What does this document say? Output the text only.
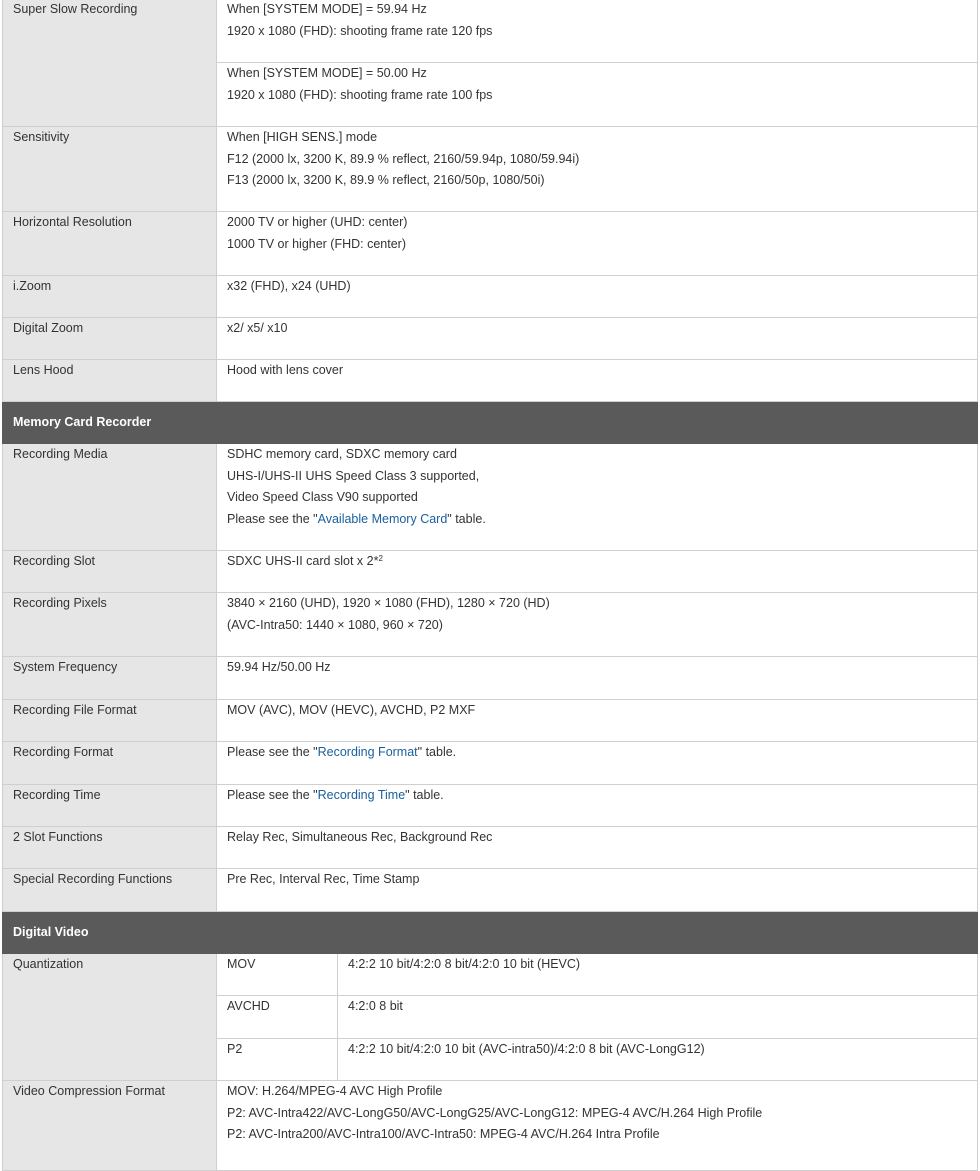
Super Slow Recording	When [SYSTEM MODE] = 59.94 Hz
1920 x 1080 (FHD): shooting frame rate 120 fps	

	When [SYSTEM MODE] = 50.00 Hz
1920 x 1080 (FHD): shooting frame rate 100 fps	

Sensitivity	When [HIGH SENS.] mode
F12 (2000 lx, 3200 K, 89.9 % reflect, 2160/59.94p, 1080/59.94i)
F13 (2000 lx, 3200 K, 89.9 % reflect, 2160/50p, 1080/50i)	

Horizontal Resolution	2000 TV or higher (UHD: center)
1000 TV or higher (FHD: center)	

i.Zoom	x32 (FHD), x24 (UHD)	
Digital Zoom	x2/ x5/ x10	
Lens Hood	Hood with lens cover	
Memory Card Recorder		
Recording Media	SDHC memory card, SDXC memory card
UHS-I/UHS-II UHS Speed Class 3 supported,
Video Speed Class V90 supported
Please see the "Available Memory Card" table.	

Recording Slot	SDXC UHS-II card slot x 2*$^2$
Recording Pixels	3840 × 2160 (UHD), 1920 × 1080 (FHD), 1280 × 720 (HD)
(AVC-Intra50: 1440 × 1080, 960 × 720)	

System Frequency	59.94 Hz/50.00 Hz	
Recording File Format	MOV (AVC), MOV (HEVC), AVCHD, P2 MXF	
Recording Format	Please see the "Recording Format" table.	
Recording Time	Please see the "Recording Time" table.	
2 Slot Functions	Relay Rec, Simultaneous Rec, Background Rec	
Special Recording Functions	Pre Rec, Interval Rec, Time Stamp	
Digital Video		
Quantization	MOV	4:2:2 10 bit/4:2:0 8 bit/4:2:0 10 bit (HEVC)
	AVCHD	4:2:0 8 bit
	P2	4:2:2 10 bit/4:2:0 10 bit (AVC-intra50)/4:2:0 8 bit (AVC-LongG12)
Video Compression Format	MOV: H.264/MPEG-4 AVC High Profile
P2: AVC-Intra422/AVC-LongG50/AVC-LongG25/AVC-LongG12: MPEG-4 AVC/H.264 High Profile
P2: AVC-Intra200/AVC-Intra100/AVC-Intra50: MPEG-4 AVC/H.264 Intra Profile	
